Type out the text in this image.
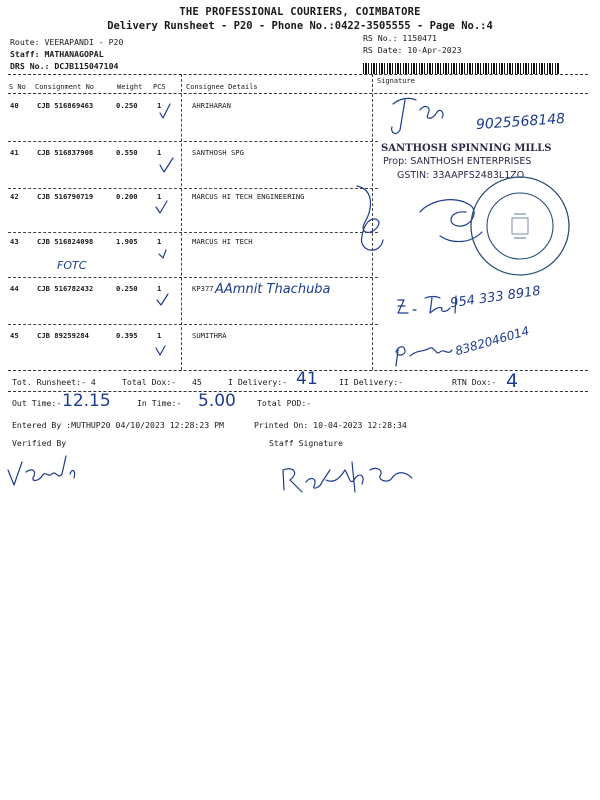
THE PROFESSIONAL COURIERS, COIMBATORE
Delivery Runsheet - P20 - Phone No.:0422-3505555 - Page No.:4
Route: VEERAPANDI - P20
Staff: MATHANAGOPAL
DRS No.: DCJB115047104
RS No.: 1150471
RS Date: 10-Apr-2023
S No Consignment No	Weight PCS	Consignee Details
Signature
40	CJB 516869463	0.250	1	AHRIHARAN
41	CJB 516837908	0.550	1	SANTHOSH SPG
42	CJB 516790719	0.200	1	MARCUS HI TECH ENGINEERING
43	CJB 516824098	1.905	1	MARCUS HI TECH
44	CJB 516782432	0.250	1	KP377
45	CJB 89259284	0.395	1	SUMITHRA
SANTHOSH SPINNING MILLS
Prop: SANTHOSH ENTERPRISES
GSTIN: 33AAPFS2483L1ZO
9025568148
FOTC
AAmnit Thachuba	954 333 8918
8382046014
Tot. Runsheet:- 4	Total Dox:- 45	I Delivery:- 41	II Delivery:-	RTN Dox:- 4
Out Time:- 12.15	In Time:- 5.00	Total POD:-
Entered By :MUTHUP20 04/10/2023 12:28:23 PM	Printed On: 10-04-2023 12:28:34
Verified By	Staff Signature
